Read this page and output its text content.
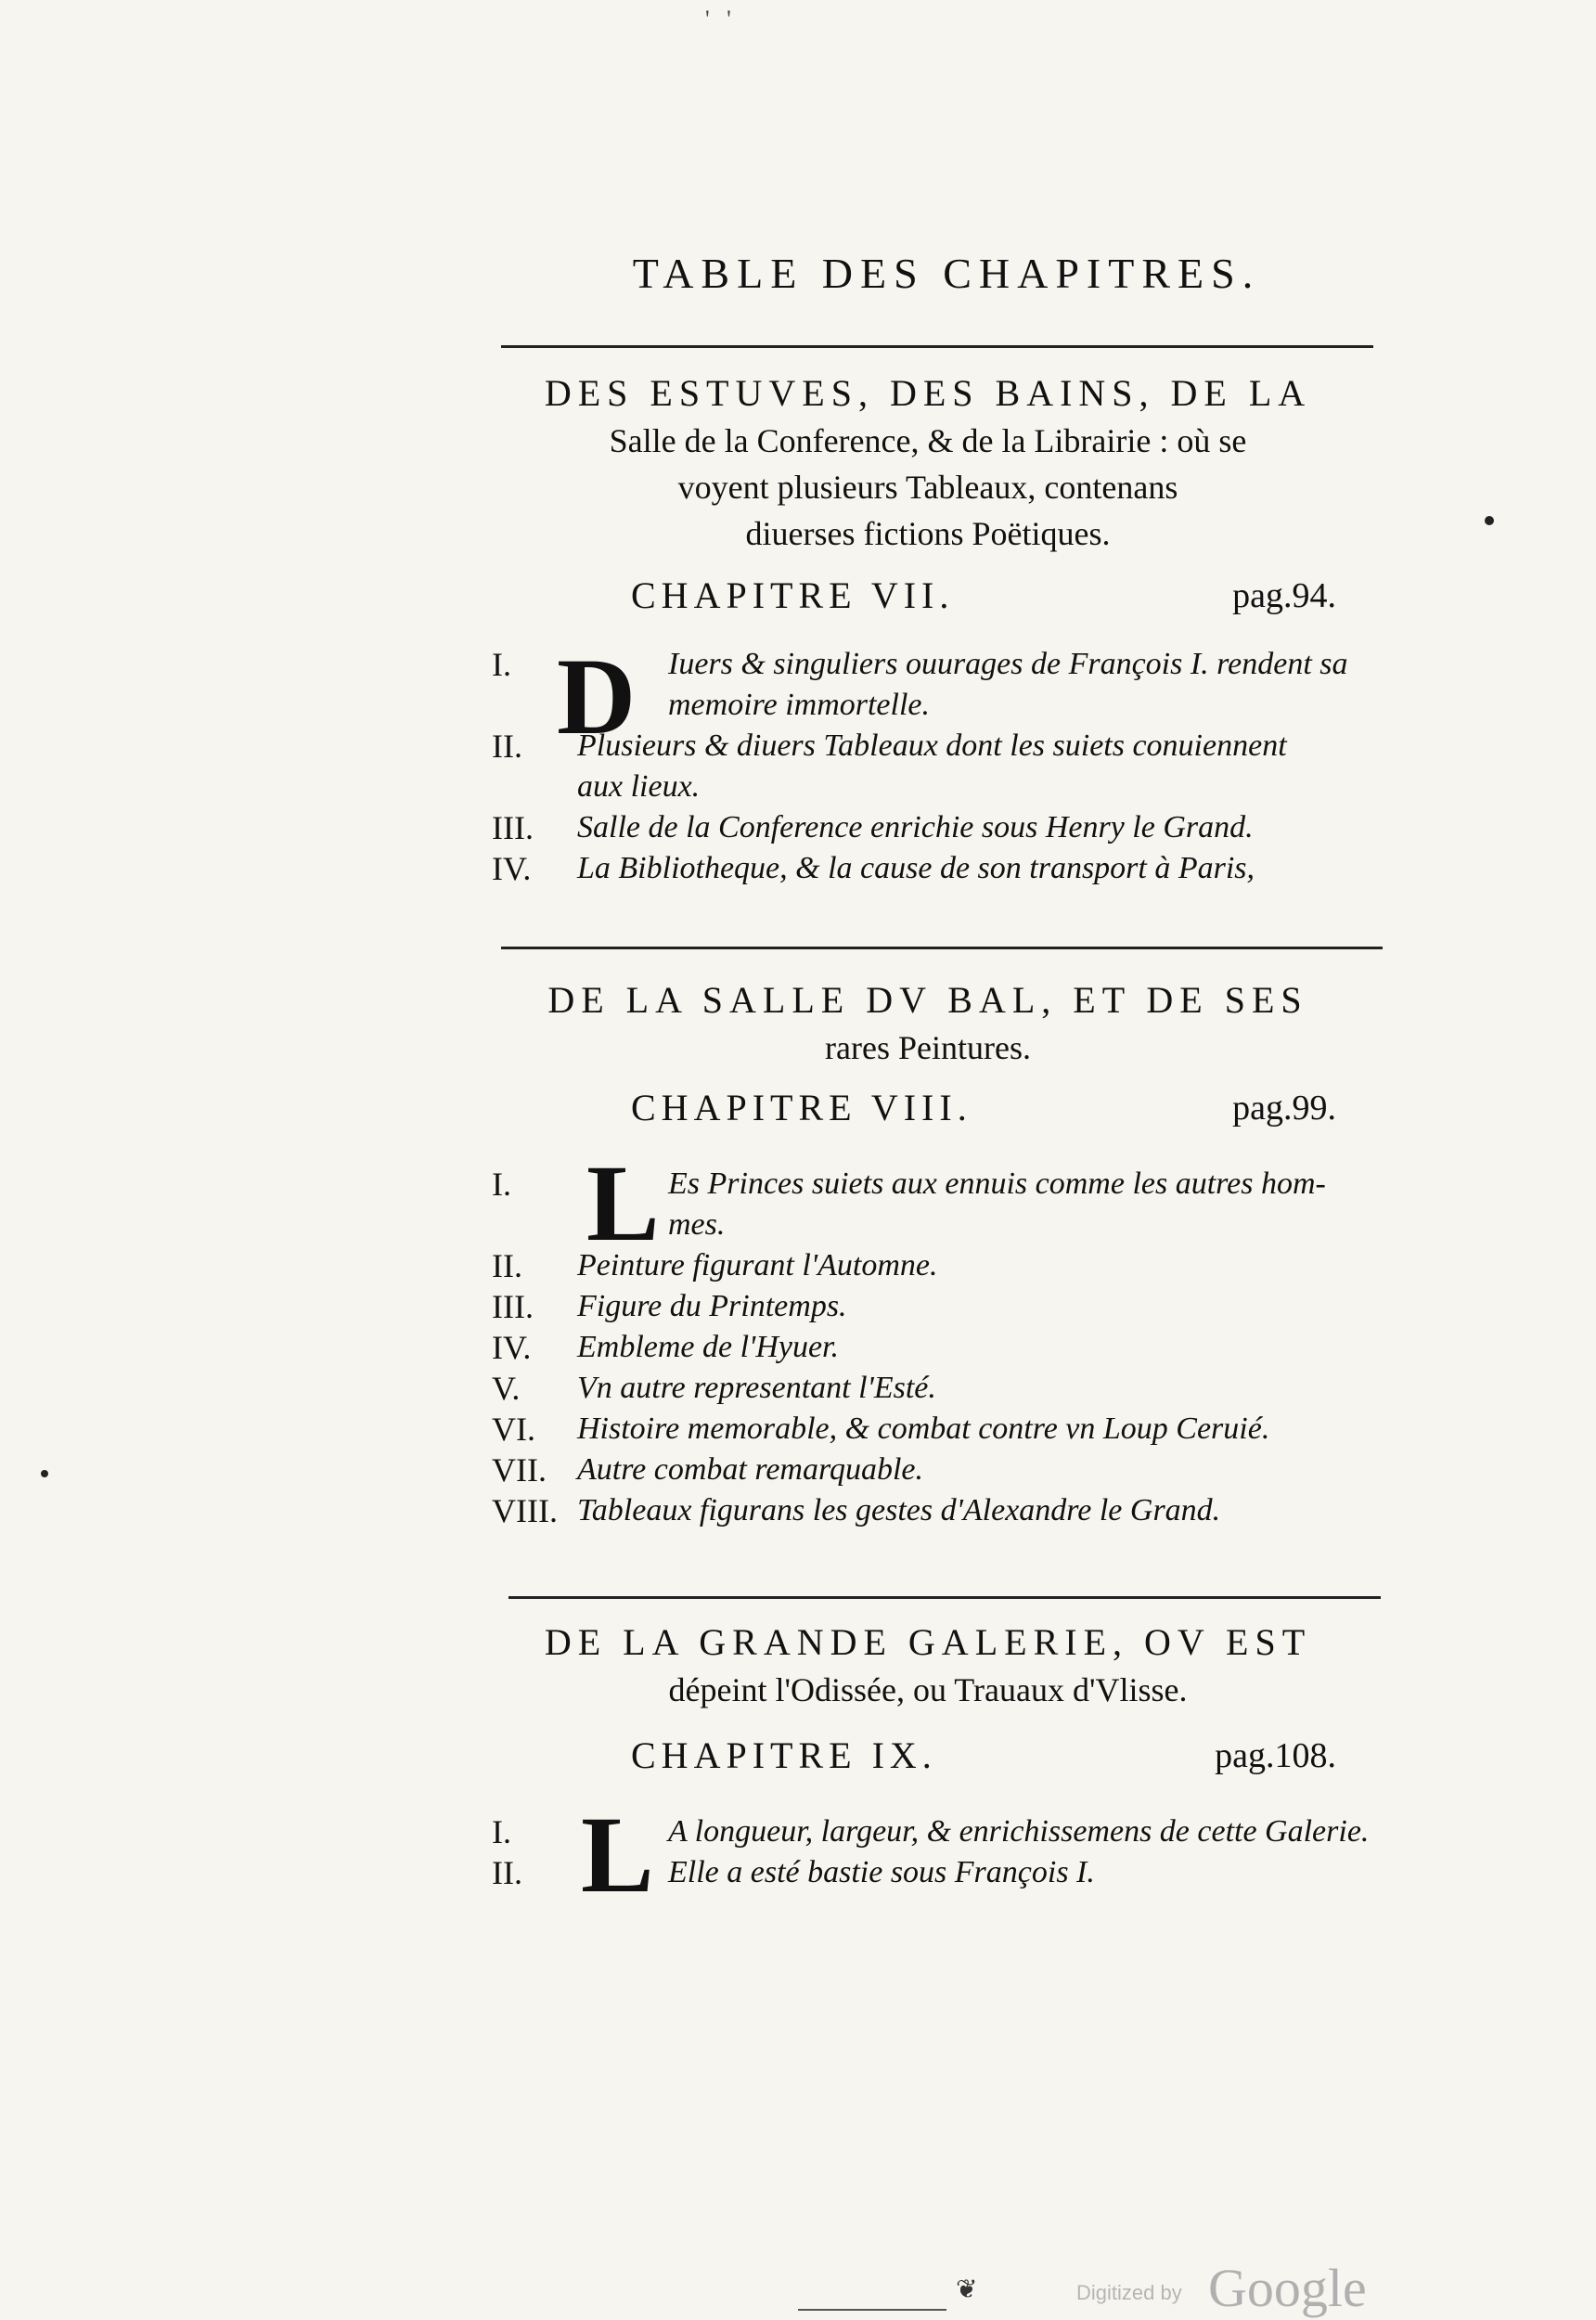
' '
TABLE DES CHAPITRES.
DES ESTUVES, DES BAINS, DE LA
Salle de la Conference, & de la Librairie : où se
voyent plusieurs Tableaux, contenans
diuerses fictions Poëtiques.
CHAPITRE VII.	pag.94.
D
I.	Iuers & singuliers ouurages de François I. rendent sa
memoire immortelle.
II. Plusieurs & diuers Tableaux dont les suiets conuiennent
aux lieux.
III. Salle de la Conference enrichie sous Henry le Grand.
IV. La Bibliotheque, & la cause de son transport à Paris,
DE LA SALLE DV BAL, ET DE SES
rares Peintures.
CHAPITRE VIII.	pag.99.
L
I.	Es Princes suiets aux ennuis comme les autres hom-
mes.
II. Peinture figurant l'Automne.
III. Figure du Printemps.
IV. Embleme de l'Hyuer.
V. Vn autre representant l'Esté.
VI. Histoire memorable, & combat contre vn Loup Ceruié.
VII. Autre combat remarquable.
VIII. Tableaux figurans les gestes d'Alexandre le Grand.
DE LA GRANDE GALERIE, OV EST
dépeint l'Odissée, ou Trauaux d'Vlisse.
CHAPITRE IX.	pag.108.
L
I.	A longueur, largeur, & enrichissemens de cette Galerie.
II.	Elle a esté bastie sous François I.
❦	Digitized by Google
